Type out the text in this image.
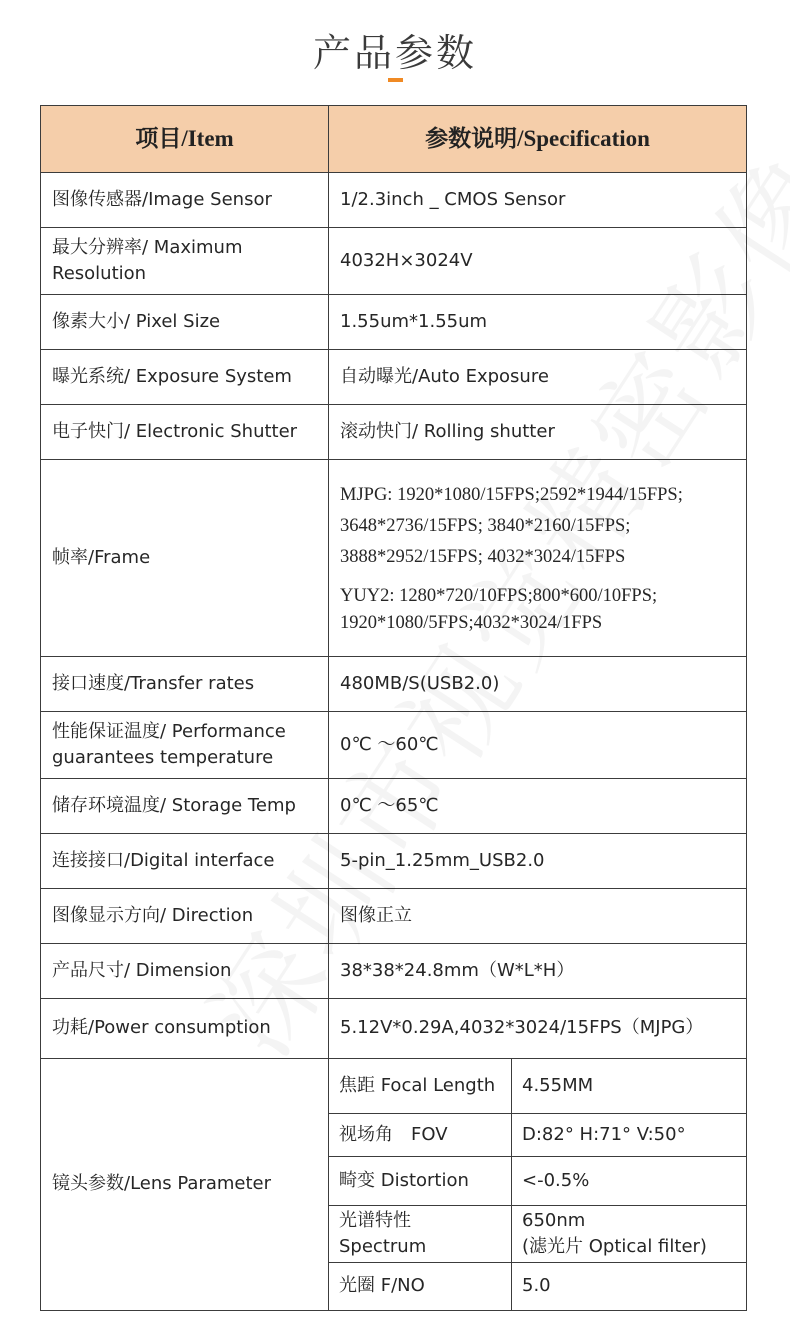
产品参数
项目/Item	参数说明/Specification	
图像传感器/Image Sensor	1/2.3inch _ CMOS Sensor	
最大分辨率/ Maximum Resolution	4032H×3024V	
像素大小/ Pixel Size	1.55um*1.55um	
曝光系统/ Exposure System	自动曝光/Auto Exposure	
电子快门/ Electronic Shutter	滚动快门/ Rolling shutter	
帧率/Frame	MJPG: 1920*1080/15FPS;2592*1944/15FPS;
3648*2736/15FPS; 3840*2160/15FPS;
3888*2952/15FPS; 4032*3024/15FPS
YUY2: 1280*720/10FPS;800*600/10FPS;
1920*1080/5FPS;4032*3024/1FPS	

接口速度/Transfer rates	480MB/S(USB2.0)	
性能保证温度/ Performance guarantees temperature	0℃ ～60℃	
储存环境温度/ Storage Temp	0℃ ～65℃	
连接接口/Digital interface	5-pin_1.25mm_USB2.0	
图像显示方向/ Direction	图像正立	
产品尺寸/ Dimension	38*38*24.8mm（W*L*H）	
功耗/Power consumption	5.12V*0.29A,4032*3024/15FPS（MJPG）	
镜头参数/Lens Parameter	焦距 Focal Length	4.55MM
	视场角　FOV	D:82° H:71° V:50°
	畸变 Distortion	<-0.5%
	光谱特性 Spectrum	650nm
(滤光片 Optical filter)

	光圈 F/NO	5.0
